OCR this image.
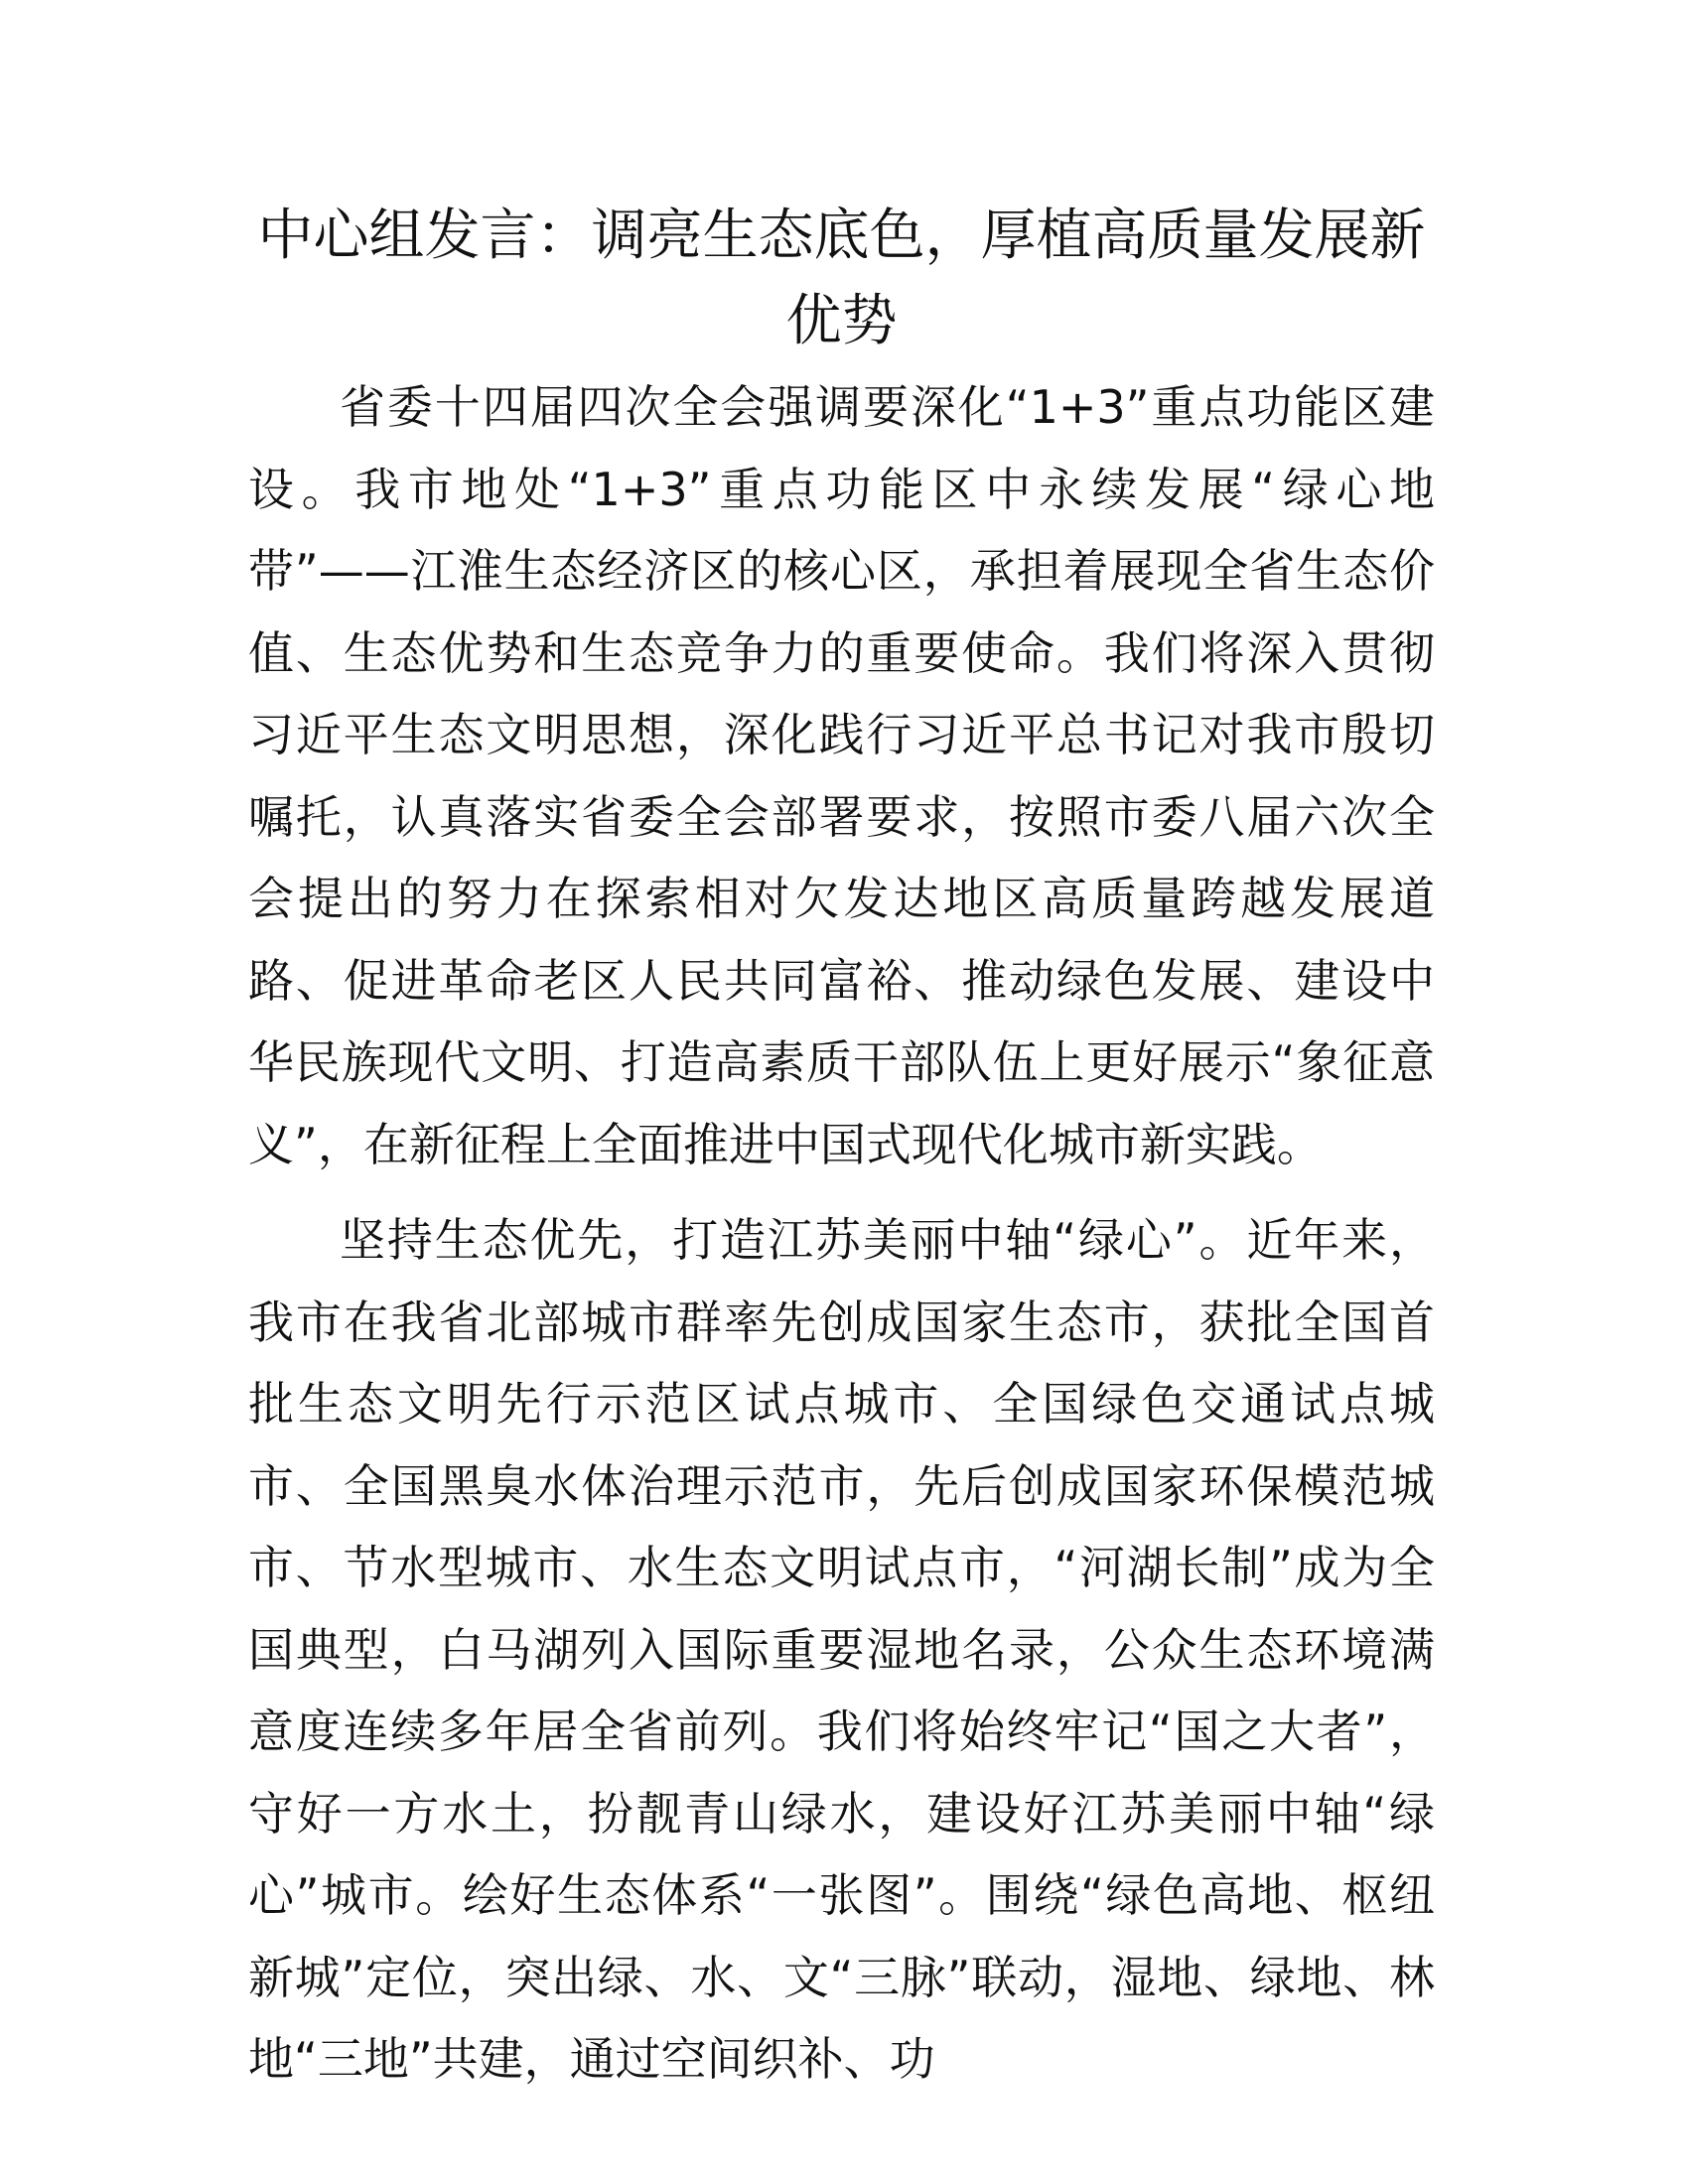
中心组发言：调亮生态底色，厚植高质量发展新优势

省委十四届四次全会强调要深化“1+3”重点功能区建设。我市地处“1+3”重点功能区中永续发展“绿心地带”——江淮生态经济区的核心区，承担着展现全省生态价值、生态优势和生态竞争力的重要使命。我们将深入贯彻习近平生态文明思想，深化践行习近平总书记对我市殷切嘱托，认真落实省委全会部署要求，按照市委八届六次全会提出的努力在探索相对欠发达地区高质量跨越发展道路、促进革命老区人民共同富裕、推动绿色发展、建设中华民族现代文明、打造高素质干部队伍上更好展示“象征意义”，在新征程上全面推进中国式现代化城市新实践。

坚持生态优先，打造江苏美丽中轴“绿心”。近年来，我市在我省北部城市群率先创成国家生态市，获批全国首批生态文明先行示范区试点城市、全国绿色交通试点城市、全国黑臭水体治理示范市，先后创成国家环保模范城市、节水型城市、水生态文明试点市，“河湖长制”成为全国典型，白马湖列入国际重要湿地名录，公众生态环境满意度连续多年居全省前列。我们将始终牢记“国之大者”，守好一方水土，扮靓青山绿水，建设好江苏美丽中轴“绿心”城市。绘好生态体系“一张图”。围绕“绿色高地、枢纽新城”定位，突出绿、水、文“三脉”联动，湿地、绿地、林地“三地”共建，通过空间织补、功
